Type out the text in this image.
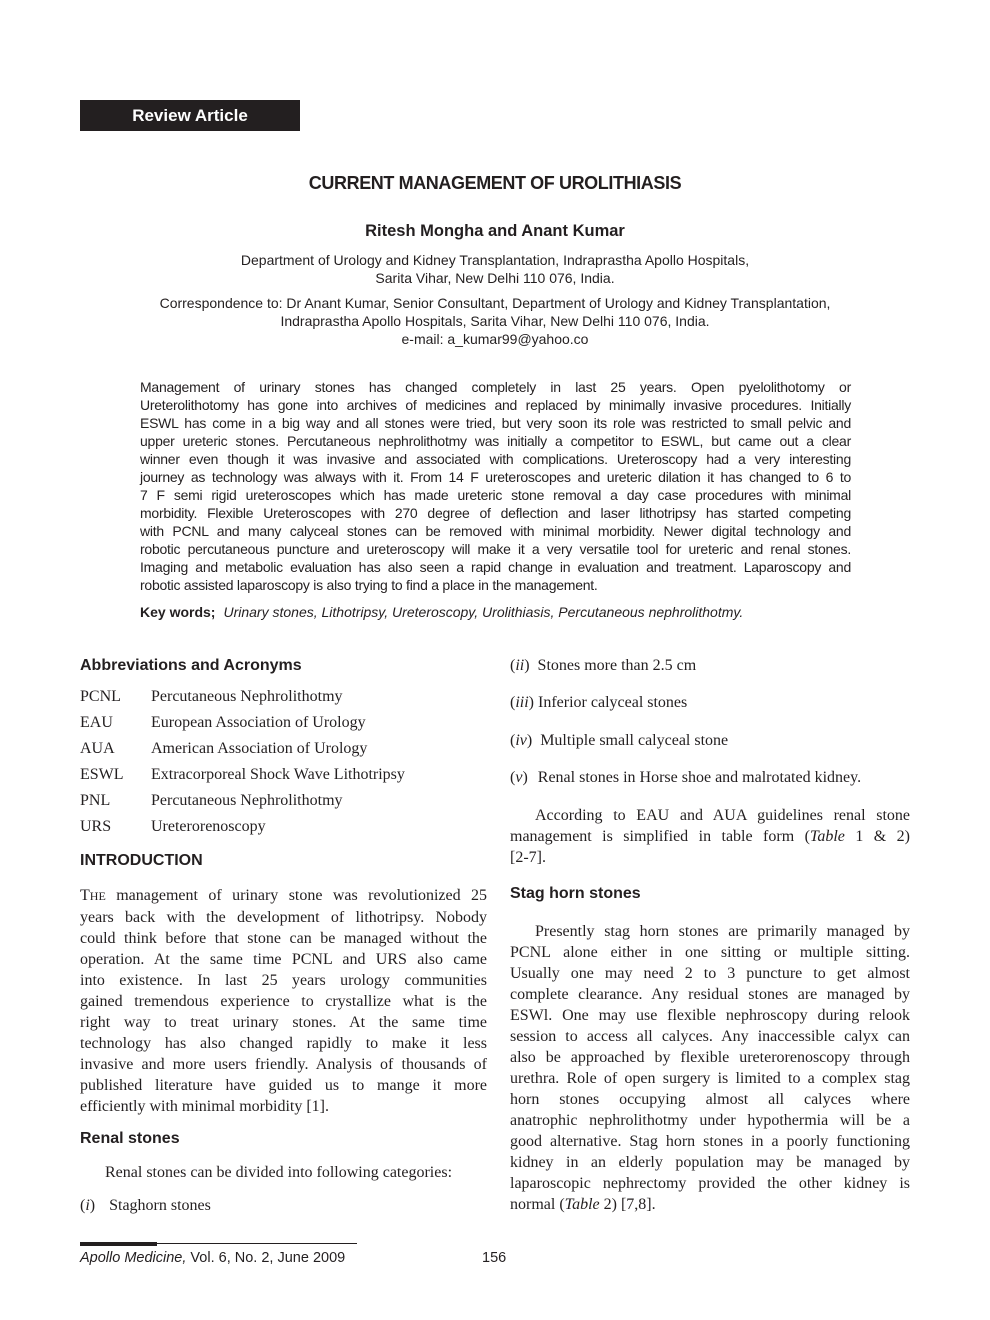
Review Article
CURRENT MANAGEMENT OF UROLITHIASIS
Ritesh Mongha and Anant Kumar
Department of Urology and Kidney Transplantation, Indraprastha Apollo Hospitals,
Sarita Vihar, New Delhi 110 076, India.
Correspondence to: Dr Anant Kumar, Senior Consultant, Department of Urology and Kidney Transplantation,
Indraprastha Apollo Hospitals, Sarita Vihar, New Delhi 110 076, India.
e-mail: a_kumar99@yahoo.co
Management of urinary stones has changed completely in last 25 years. Open pyelolithotomy or
Ureterolithotomy has gone into archives of medicines and replaced by minimally invasive procedures. Initially
ESWL has come in a big way and all stones were tried, but very soon its role was restricted to small pelvic and
upper ureteric stones. Percutaneous nephrolithotmy was initially a competitor to ESWL, but came out a clear
winner even though it was invasive and associated with complications. Ureteroscopy had a very interesting
journey as technology was always with it. From 14 F ureteroscopes and ureteric dilation it has changed to 6 to
7 F semi rigid ureteroscopes which has made ureteric stone removal a day case procedures with minimal
morbidity. Flexible Ureteroscopes with 270 degree of deflection and laser lithotripsy has started competing
with PCNL and many calyceal stones can be removed with minimal morbidity. Newer digital technology and
robotic percutaneous puncture and ureteroscopy will make it a very versatile tool for ureteric and renal stones.
Imaging and metabolic evaluation has also seen a rapid change in evaluation and treatment. Laparoscopy and
robotic assisted laparoscopy is also trying to find a place in the management.
Key words; Urinary stones, Lithotripsy, Ureteroscopy, Urolithiasis, Percutaneous nephrolithotmy.
Abbreviations and Acronyms
PCNL Percutaneous Nephrolithotmy
EAU European Association of Urology
AUA American Association of Urology
ESWL Extracorporeal Shock Wave Lithotripsy
PNL	Percutaneous Nephrolithotmy
URS Ureterorenoscopy
INTRODUCTION
THE management of urinary stone was revolutionized 25
years back with the development of lithotripsy. Nobody
could think before that stone can be managed without the
operation. At the same time PCNL and URS also came
into existence. In last 25 years urology communities
gained tremendous experience to crystallize what is the
right way to treat urinary stones. At the same time
technology has also changed rapidly to make it less
invasive and more users friendly. Analysis of thousands of
published literature have guided us to mange it more
efficiently with minimal morbidity [1].
Renal stones
Renal stones can be divided into following categories:
(i) Staghorn stones
(ii) Stones more than 2.5 cm
(iii) Inferior calyceal stones
(iv) Multiple small calyceal stone
(v) Renal stones in Horse shoe and malrotated kidney.
According to EAU and AUA guidelines renal stone
management is simplified in table form (Table 1 & 2)
[2-7].
Stag horn stones
Presently stag horn stones are primarily managed by
PCNL alone either in one sitting or multiple sitting.
Usually one may need 2 to 3 puncture to get almost
complete clearance. Any residual stones are managed by
ESWl. One may use flexible nephroscopy during relook
session to access all calyces. Any inaccessible calyx can
also be approached by flexible ureterorenoscopy through
urethra. Role of open surgery is limited to a complex stag
horn stones occupying almost all calyces where
anatrophic nephrolithotmy under hypothermia will be a
good alternative. Stag horn stones in a poorly functioning
kidney in an elderly population may be managed by
laparoscopic nephrectomy provided the other kidney is
normal (Table 2) [7,8].
Apollo Medicine, Vol. 6, No. 2, June 2009	156
